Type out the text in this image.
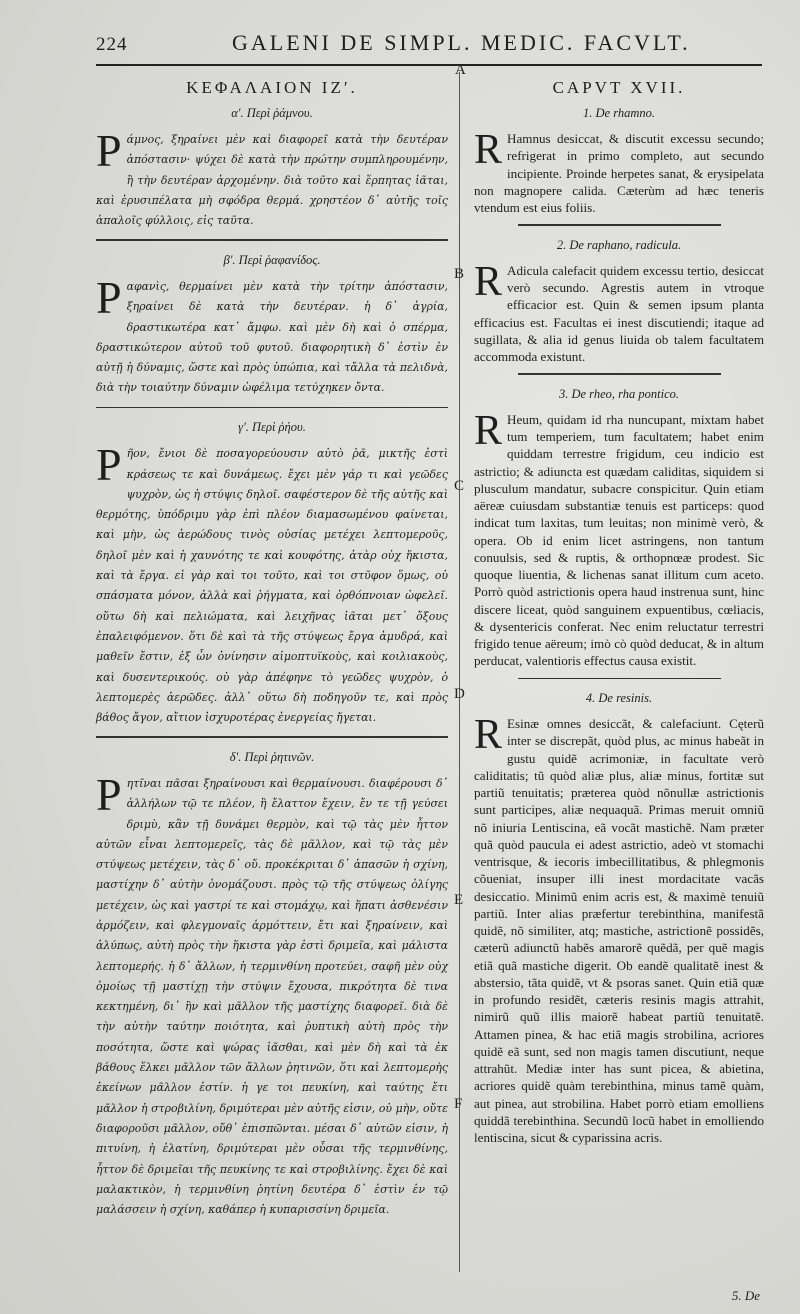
224	GALENI DE SIMPL. MEDIC. FACVLT.
A
B
C
D
E
F
ΚΕΦΑΛΑΙΟΝ ΙΖʹ.
αʹ. Περὶ ῥάμνου.

Ράμνος, ξηραίνει μὲν καὶ διαφορεῖ κατὰ τὴν δευτέραν ἀπόστασιν· ψύχει δὲ κατὰ τὴν πρώτην συμπληρουμένην, ἢ τὴν δευτέραν ἀρχομένην. διὰ τοῦτο καὶ ἕρπητας ἰᾶται, καὶ ἐρυσιπέλατα μὴ σφόδρα θερμά. χρηστέον δ᾽ αὐτῆς τοῖς ἁπαλοῖς φύλλοις, εἰς ταῦτα.

βʹ. Περὶ ῥαφανίδος.

Ραφανὶς, θερμαίνει μὲν κατὰ τὴν τρίτην ἀπόστασιν, ξηραίνει δὲ κατὰ τὴν δευτέραν. ἡ δ᾽ ἀγρία, δραστικωτέρα κατ᾽ ἄμφω. καὶ μὲν δὴ καὶ ὁ σπέρμα, δραστικώτερον αὐτοῦ τοῦ φυτοῦ. διαφορητικὴ δ᾽ ἐστὶν ἐν αὐτῇ ἡ δύναμις, ὥστε καὶ πρὸς ὑπώπια, καὶ τἄλλα τὰ πελιδνὰ, διὰ τὴν τοιαύτην δύναμιν ὠφέλιμα τετύχηκεν ὄντα.

γʹ. Περὶ ῥήου.

Ρῆον, ἔνιοι δὲ ποσαγορεύουσιν αὐτὸ ῥᾶ, μικτῆς ἐστὶ κράσεως τε καὶ δυνάμεως. ἔχει μὲν γάρ τι καὶ γεῶδες ψυχρὸν, ὡς ἡ στύψις δηλοῖ. σαφέστερον δὲ τῆς αὐτῆς καὶ θερμότης, ὑπόδριμυ γὰρ ἐπὶ πλέον διαμασωμένου φαίνεται, καὶ μὴν, ὡς ἀερώδους τινὸς οὐσίας μετέχει λεπτομεροῦς, δηλοῖ μὲν καὶ ἡ χαυνότης τε καὶ κουφότης, ἀτὰρ οὐχ ἥκιστα, καὶ τὰ ἔργα. εἰ γὰρ καὶ τοι τοῦτο, καὶ τοι στῦφον ὅμως, οὐ σπάσματα μόνον, ἀλλὰ καὶ ῥήγματα, καὶ ὀρθόπνοιαν ὠφελεῖ. οὕτω δὴ καὶ πελιώματα, καὶ λειχῆνας ἰᾶται μετ᾽ ὄξους ἐπαλειφόμενον. ὅτι δὲ καὶ τὰ τῆς στύψεως ἔργα ἀμυδρά, καὶ μαθεῖν ἔστιν, ἐξ ὧν ὀνίνησιν αἱμοπτυϊκοὺς, καὶ κοιλιακοὺς, καὶ δυσεντερικούς. οὐ γὰρ ἀπέφηνε τὸ γεῶδες ψυχρὸν, ὁ λεπτομερὲς ἀερῶδες. ἀλλ᾽ οὕτω δὴ ποδηγοῦν τε, καὶ πρὸς βάθος ἄγον, αἴτιον ἰσχυροτέρας ἐνεργείας ἤγεται.

δʹ. Περὶ ῥητινῶν.

Ρητῖναι πᾶσαι ξηραίνουσι καὶ θερμαίνουσι. διαφέρουσι δ᾽ ἀλλήλων τῷ τε πλέον, ἢ ἔλαττον ἔχειν, ἔν τε τῇ γεύσει δριμὺ, κἂν τῇ δυνάμει θερμὸν, καὶ τῷ τὰς μὲν ἧττον αὐτῶν εἶναι λεπτομερεῖς, τὰς δὲ μᾶλλον, καὶ τῷ τὰς μὲν στύψεως μετέχειν, τὰς δ᾽ οὔ. προκέκριται δ᾽ ἁπασῶν ἡ σχίνη, μαστίχην δ᾽ αὐτὴν ὀνομάζουσι. πρὸς τῷ τῆς στύψεως ὀλίγης μετέχειν, ὡς καὶ γαστρί τε καὶ στομάχῳ, καὶ ἥπατι ἀσθενέσιν ἁρμόζειν, καὶ φλεγμοναῖς ἁρμόττειν, ἔτι καὶ ξηραίνειν, καὶ ἀλύπως, αὐτὴ πρὸς τὴν ἥκιστα γὰρ ἐστὶ δριμεῖα, καὶ μάλιστα λεπτομερής. ἡ δ᾽ ἄλλων, ἡ τερμινθίνη προτεύει, σαφῆ μὲν οὐχ ὁμοίως τῇ μαστίχῃ τὴν στύψιν ἔχουσα, πικρότητα δὲ τινα κεκτημένη, δι᾽ ἣν καὶ μᾶλλον τῆς μαστίχης διαφορεῖ. διὰ δὲ τὴν αὐτὴν ταύτην ποιότητα, καὶ ῥυπτικὴ αὐτὴ πρὸς τὴν ποσότητα, ὥστε καὶ ψώρας ἰᾶσθαι, καὶ μὲν δὴ καὶ τὰ ἐκ βάθους ἕλκει μᾶλλον τῶν ἄλλων ῥητινῶν, ὅτι καὶ λεπτομερὴς ἐκείνων μᾶλλον ἐστίν. ἡ γε τοι πευκίνη, καὶ ταύτης ἔτι μᾶλλον ἡ στροβιλίνη, δριμύτεραι μὲν αὐτῆς εἰσιν, οὐ μὴν, οὔτε διαφοροῦσι μᾶλλον, οὔθ᾽ ἑπισπῶνται. μέσαι δ᾽ αὐτῶν εἰσιν, ἡ πιτυίνη, ἡ ἐλατίνη, δριμύτεραι μὲν οὖσαι τῆς τερμινθίνης, ἧττον δὲ δριμεῖαι τῆς πευκίνης τε καὶ στροβιλίνης. ἔχει δὲ καὶ μαλακτικὸν, ἡ τερμινθίνη ῥητίνη δευτέρα δ᾽ ἐστὶν ἐν τῷ μαλάσσειν ἡ σχίνη, καθάπερ ἡ κυπαρισσίνη δριμεῖα.

CAPVT XVII.
1. De rhamno.

R Hamnus desiccat, & discutit excessu secundo; refrigerat in primo completo, aut secundo incipiente. Proinde herpetes sanat, & erysipelata non magnopere calida. Cæterùm ad hæc teneris vtendum est eius foliis.

2. De raphano, radicula.

R Adicula calefacit quidem excessu tertio, desiccat verò secundo. Agrestis autem in vtroque efficacior est. Quin & semen ipsum planta efficacius est. Facultas ei inest discutiendi; itaque ad sugillata, & alia id genus liuida ob talem facultatem accommoda existunt.

3. De rheo, rha pontico.

R Heum, quidam id rha nuncupant, mixtam habet tum temperiem, tum facultatem; habet enim quiddam terrestre frigidum, ceu indicio est astrictio; & adiuncta est quædam caliditas, siquidem si plusculum mandatur, subacre conspicitur. Quin etiam aëreæ cuiusdam substantiæ tenuis est particeps: quod indicat tum laxitas, tum leuitas; non minimè verò, & opera. Ob id enim licet astringens, non tantum conuulsis, sed & ruptis, & orthopnœæ prodest. Sic quoque liuentia, & lichenas sanat illitum cum aceto. Porrò quòd astrictionis opera haud instrenua sunt, hinc discere liceat, quòd sanguinem expuentibus, cœliacis, & dysentericis conferat. Nec enim reluctatur terrestri frigido tenue aëreum; imò cò quòd deducat, & in altum perducat, valentioris effectus causa existit.

4. De resinis.

R Esinæ omnes desiccãt, & calefaciunt. Cęterũ inter se discrepãt, quòd plus, ac minus habeãt in gustu quidẽ acrimoniæ, in facultate verò caliditatis; tũ quòd aliæ plus, aliæ minus, fortitæ sut partiũ tenuitatis; præterea quòd nõnullæ astrictionis sunt participes, aliæ nequaquã. Primas meruit omniũ nõ iniuria Lentiscina, eã vocãt mastichẽ. Nam præter quã quòd paucula ei adest astrictio, adeò vt stomachi ventrisque, & iecoris imbecillitatibus, & phlegmonis cõueniat, insuper illi inest mordacitate vacãs desiccatio. Minimũ enim acris est, & maximè tenuiũ partiũ. Inter alias præfertur terebinthina, manifestã quidẽ, nõ similiter, atq; mastiche, astrictionẽ possidẽs, cæterũ adiunctũ habẽs amarorẽ quẽdã, per quẽ magis etiã quã mastiche digerit. Ob eandẽ qualitatẽ inest & abstersio, tãta quidẽ, vt & psoras sanet. Quin etiã quæ in profundo residẽt, cæteris resinis magis attrahit, nimirũ quũ illis maiorẽ habeat partiũ tenuitatẽ. Attamen pinea, & hac etiã magis strobilina, acriores quidẽ eã sunt, sed non magis tamen discutiunt, neque attrahũt. Mediæ inter has sunt picea, & abietina, acriores quidẽ quàm terebinthina, minus tamẽ quàm, aut pinea, aut strobilina. Habet porrò etiam emolliens quiddã terebinthina. Secundũ locũ habet in emolliendo lentiscina, sicut & cyparissina acris.

5. De
